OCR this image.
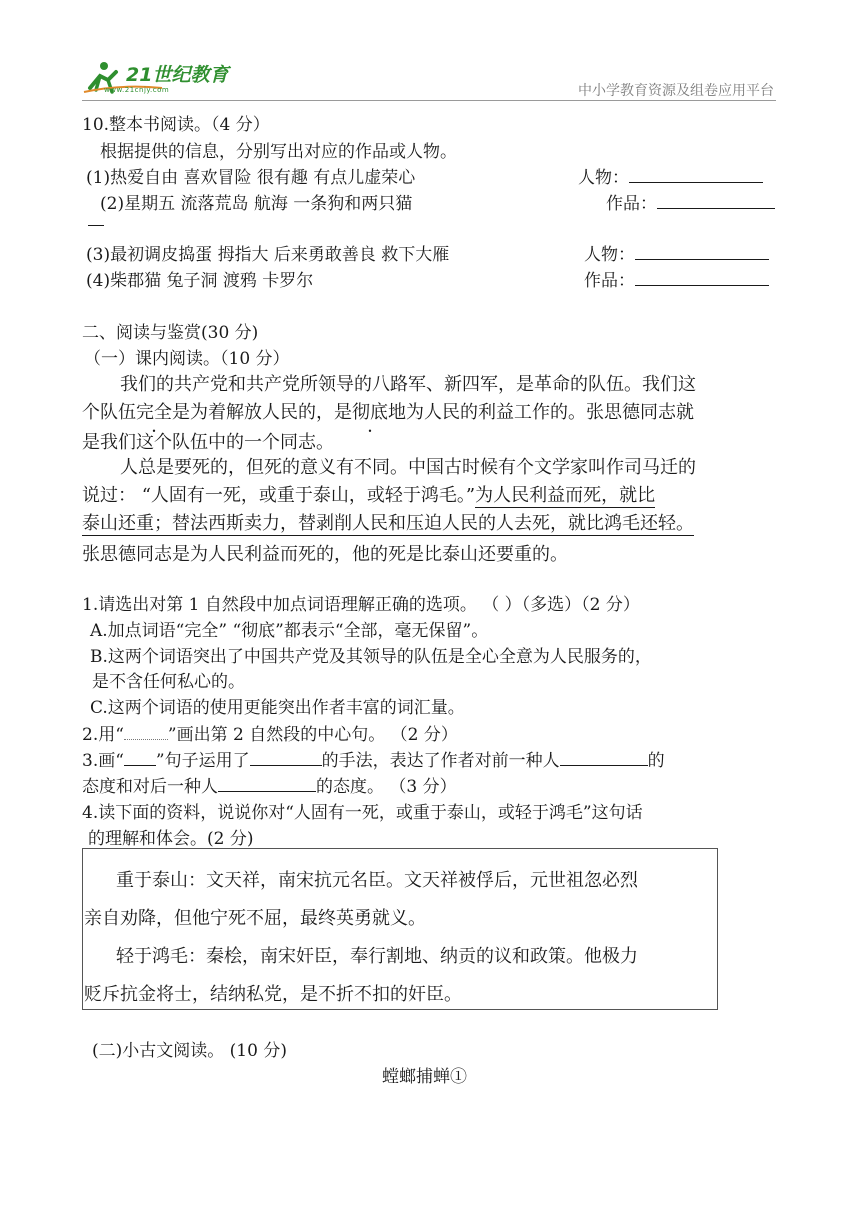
21世纪教育
www.21cnjy.com	中小学教育资源及组卷应用平台
10.整本书阅读。（4 分）
根据提供的信息，分别写出对应的作品或人物。
(1)热爱自由 喜欢冒险 很有趣 有点儿虚荣心	人物：
(2)星期五 流落荒岛 航海 一条狗和两只猫	作品：
(3)最初调皮捣蛋 拇指大 后来勇敢善良 救下大雁	人物：
(4)柴郡猫 兔子洞 渡鸦 卡罗尔	作品：
二、阅读与鉴赏(30 分)
（一）课内阅读。（10 分）
我们的共产党和共产党所领导的八路军、新四军，是革命的队伍。我们这
个队伍完全是为着解放人民的，是彻底地为人民的利益工作的。张思德同志就
是我们这个队伍中的一个同志。
人总是要死的，但死的意义有不同。中国古时候有个文学家叫作司马迁的
说过： “人固有一死，或重于泰山，或轻于鸿毛。”为人民利益而死，就比
泰山还重；替法西斯卖力，替剥削人民和压迫人民的人去死，就比鸿毛还轻。
张思德同志是为人民利益而死的，他的死是比泰山还要重的。
1.请选出对第 1 自然段中加点词语理解正确的选项。 （ ）（多选）（2 分）
A.加点词语“完全” “彻底”都表示“全部，毫无保留”。
B.这两个词语突出了中国共产党及其领导的队伍是全心全意为人民服务的，
是不含任何私心的。
C.这两个词语的使用更能突出作者丰富的词汇量。
2.用“	”画出第 2 自然段的中心句。 （2 分）
3.画“ ”句子运用了	的手法，表达了作者对前一种人	的
态度和对后一种人	的态度。 （3 分）
4.读下面的资料，说说你对“人固有一死，或重于泰山，或轻于鸿毛”这句话
的理解和体会。(2 分)
重于泰山：文天祥，南宋抗元名臣。文天祥被俘后，元世祖忽必烈
亲自劝降，但他宁死不屈，最终英勇就义。
轻于鸿毛：秦桧，南宋奸臣，奉行割地、纳贡的议和政策。他极力
贬斥抗金将士，结纳私党，是不折不扣的奸臣。
(二)小古文阅读。 (10 分)
螳螂捕蝉①
